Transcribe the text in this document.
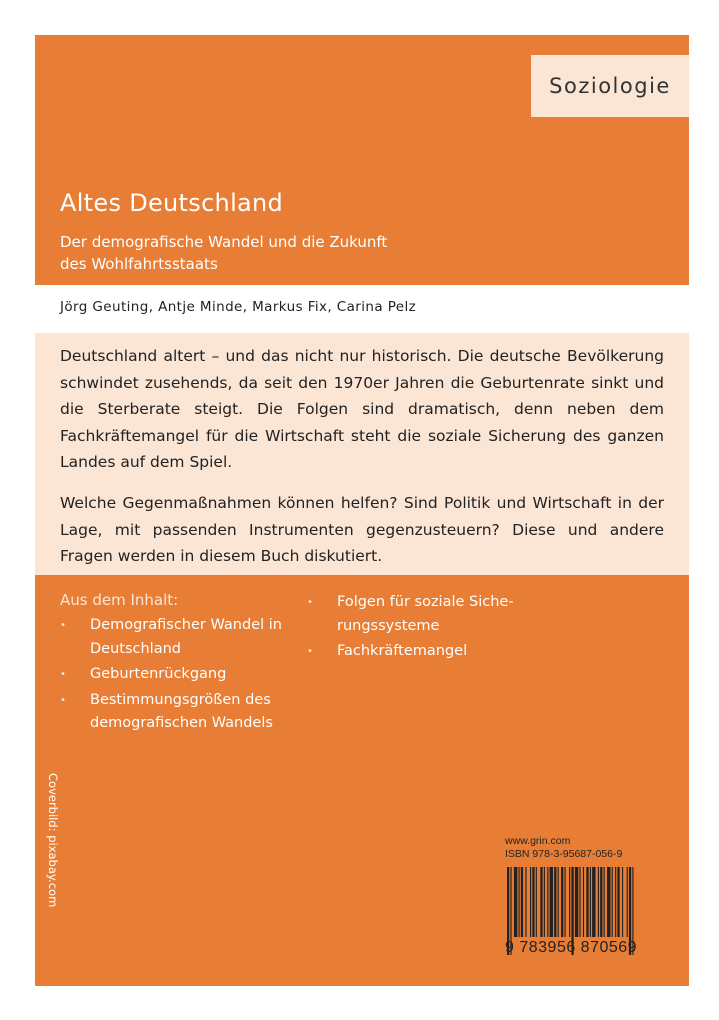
Soziologie
Altes Deutschland
Der demografische Wandel und die Zukunft
des Wohlfahrtsstaats
Jörg Geuting, Antje Minde, Markus Fix, Carina Pelz
Deutschland altert – und das nicht nur historisch. Die deutsche Bevölkerung schwindet zusehends, da seit den 1970er Jahren die Geburtenrate sinkt und die Sterberate steigt. Die Folgen sind dramatisch, denn neben dem Fachkräftemangel für die Wirtschaft steht die soziale Sicherung des ganzen Landes auf dem Spiel.
Welche Gegenmaßnahmen können helfen? Sind Politik und Wirtschaft in der Lage, mit passenden Instrumenten gegenzusteuern? Diese und andere Fragen werden in diesem Buch diskutiert.
Aus dem Inhalt:
• Demografischer Wandel in Deutschland
• Geburtenrückgang
• Bestimmungsgrößen des demografischen Wandels
• Folgen für soziale Sicherungssysteme
• Fachkräftemangel
Coverbild: pixabay.com	www.grin.com
ISBN 978-3-95687-056-9
9 783956 870569
